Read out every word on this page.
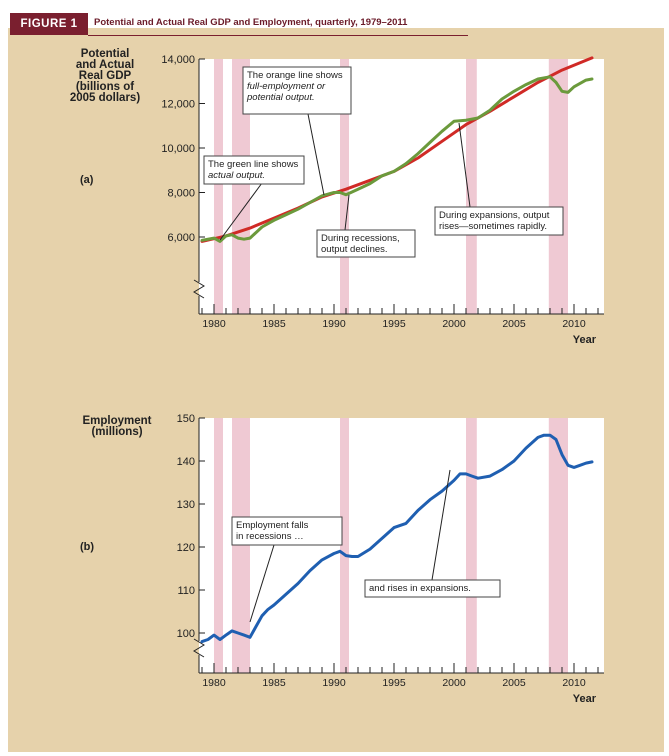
FIGURE 1	Potential and Actual Real GDP and Employment, quarterly, 1979–2011
6,000
8,000
10,000
12,000
14,000
1980	1985	1990	1995	2000	2005	2010
Year
Potential
and Actual
Real GDP
(billions of
2005 dollars)
(a)
The orange line shows
full-employment or
potential output.
The green line shows
actual output.
During recessions,
output declines.
During expansions, output
rises—sometimes rapidly.
100
110
120
130
140
150
1980	1985	1990	1995	2000	2005	2010
Year
Employment
(millions)
(b)
Employment falls
in recessions …
and rises in expansions.
